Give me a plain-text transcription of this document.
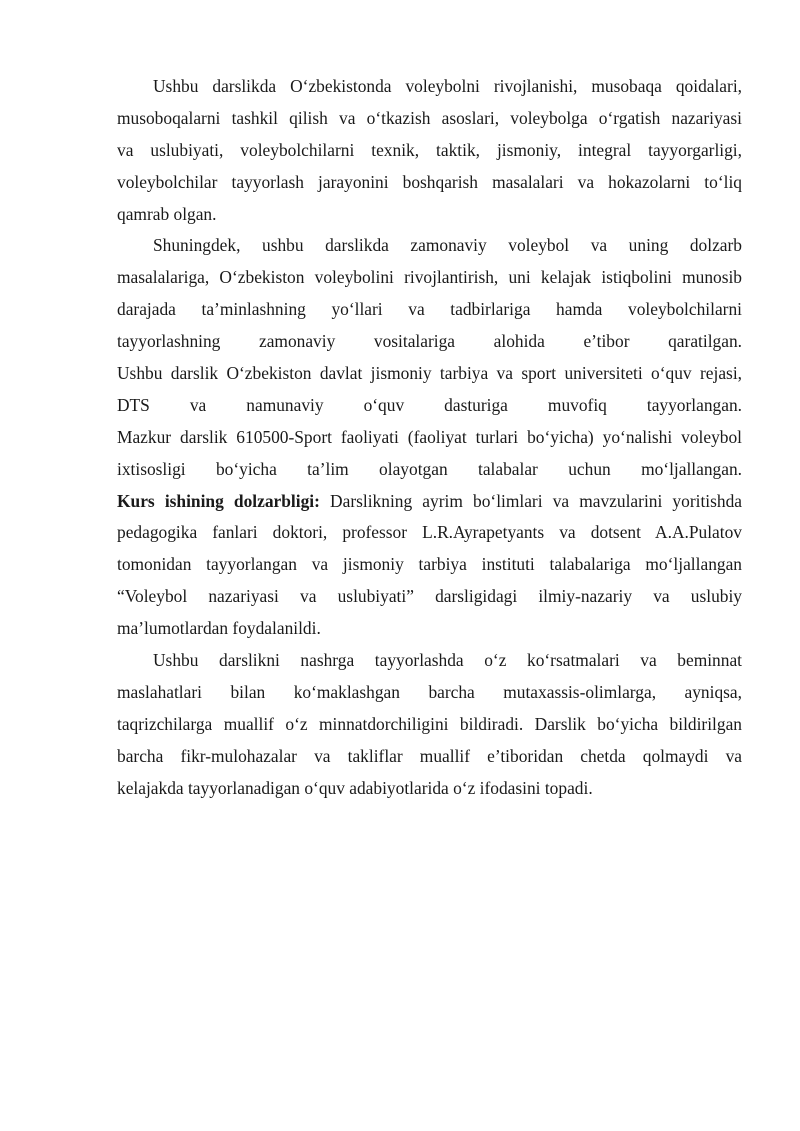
Ushbu darslikda O‘zbekistonda voleybolni rivojlanishi, musobaqa qoidalari,
musoboqalarni tashkil qilish va o‘tkazish asoslari, voleybolga o‘rgatish nazariyasi
va uslubiyati, voleybolchilarni texnik, taktik, jismoniy, integral tayyorgarligi,
voleybolchilar tayyorlash jarayonini boshqarish masalalari va hokazolarni to‘liq
qamrab olgan.
Shuningdek, ushbu darslikda zamonaviy voleybol va uning dolzarb
masalalariga, O‘zbekiston voleybolini rivojlantirish, uni kelajak istiqbolini munosib
darajada ta’minlashning yo‘llari va tadbirlariga hamda voleybolchilarni
tayyorlashning zamonaviy vositalariga alohida e’tibor qaratilgan.
Ushbu darslik O‘zbekiston davlat jismoniy tarbiya va sport universiteti o‘quv rejasi,
DTS va namunaviy o‘quv dasturiga muvofiq tayyorlangan.
Mazkur darslik 610500-Sport faoliyati (faoliyat turlari bo‘yicha) yo‘nalishi voleybol
ixtisosligi bo‘yicha ta’lim olayotgan talabalar uchun mo‘ljallangan.
Kurs ishining dolzarbligi: Darslikning ayrim bo‘limlari va mavzularini yoritishda
pedagogika fanlari doktori, professor L.R.Ayrapetyants va dotsent A.A.Pulatov
tomonidan tayyorlangan va jismoniy tarbiya instituti talabalariga mo‘ljallangan
“Voleybol nazariyasi va uslubiyati” darsligidagi ilmiy-nazariy va uslubiy
ma’lumotlardan foydalanildi.
Ushbu darslikni nashrga tayyorlashda o‘z ko‘rsatmalari va beminnat
maslahatlari bilan ko‘maklashgan barcha mutaxassis-olimlarga, ayniqsa,
taqrizchilarga muallif o‘z minnatdorchiligini bildiradi. Darslik bo‘yicha bildirilgan
barcha fikr-mulohazalar va takliflar muallif e’tiboridan chetda qolmaydi va
kelajakda tayyorlanadigan o‘quv adabiyotlarida o‘z ifodasini topadi.
